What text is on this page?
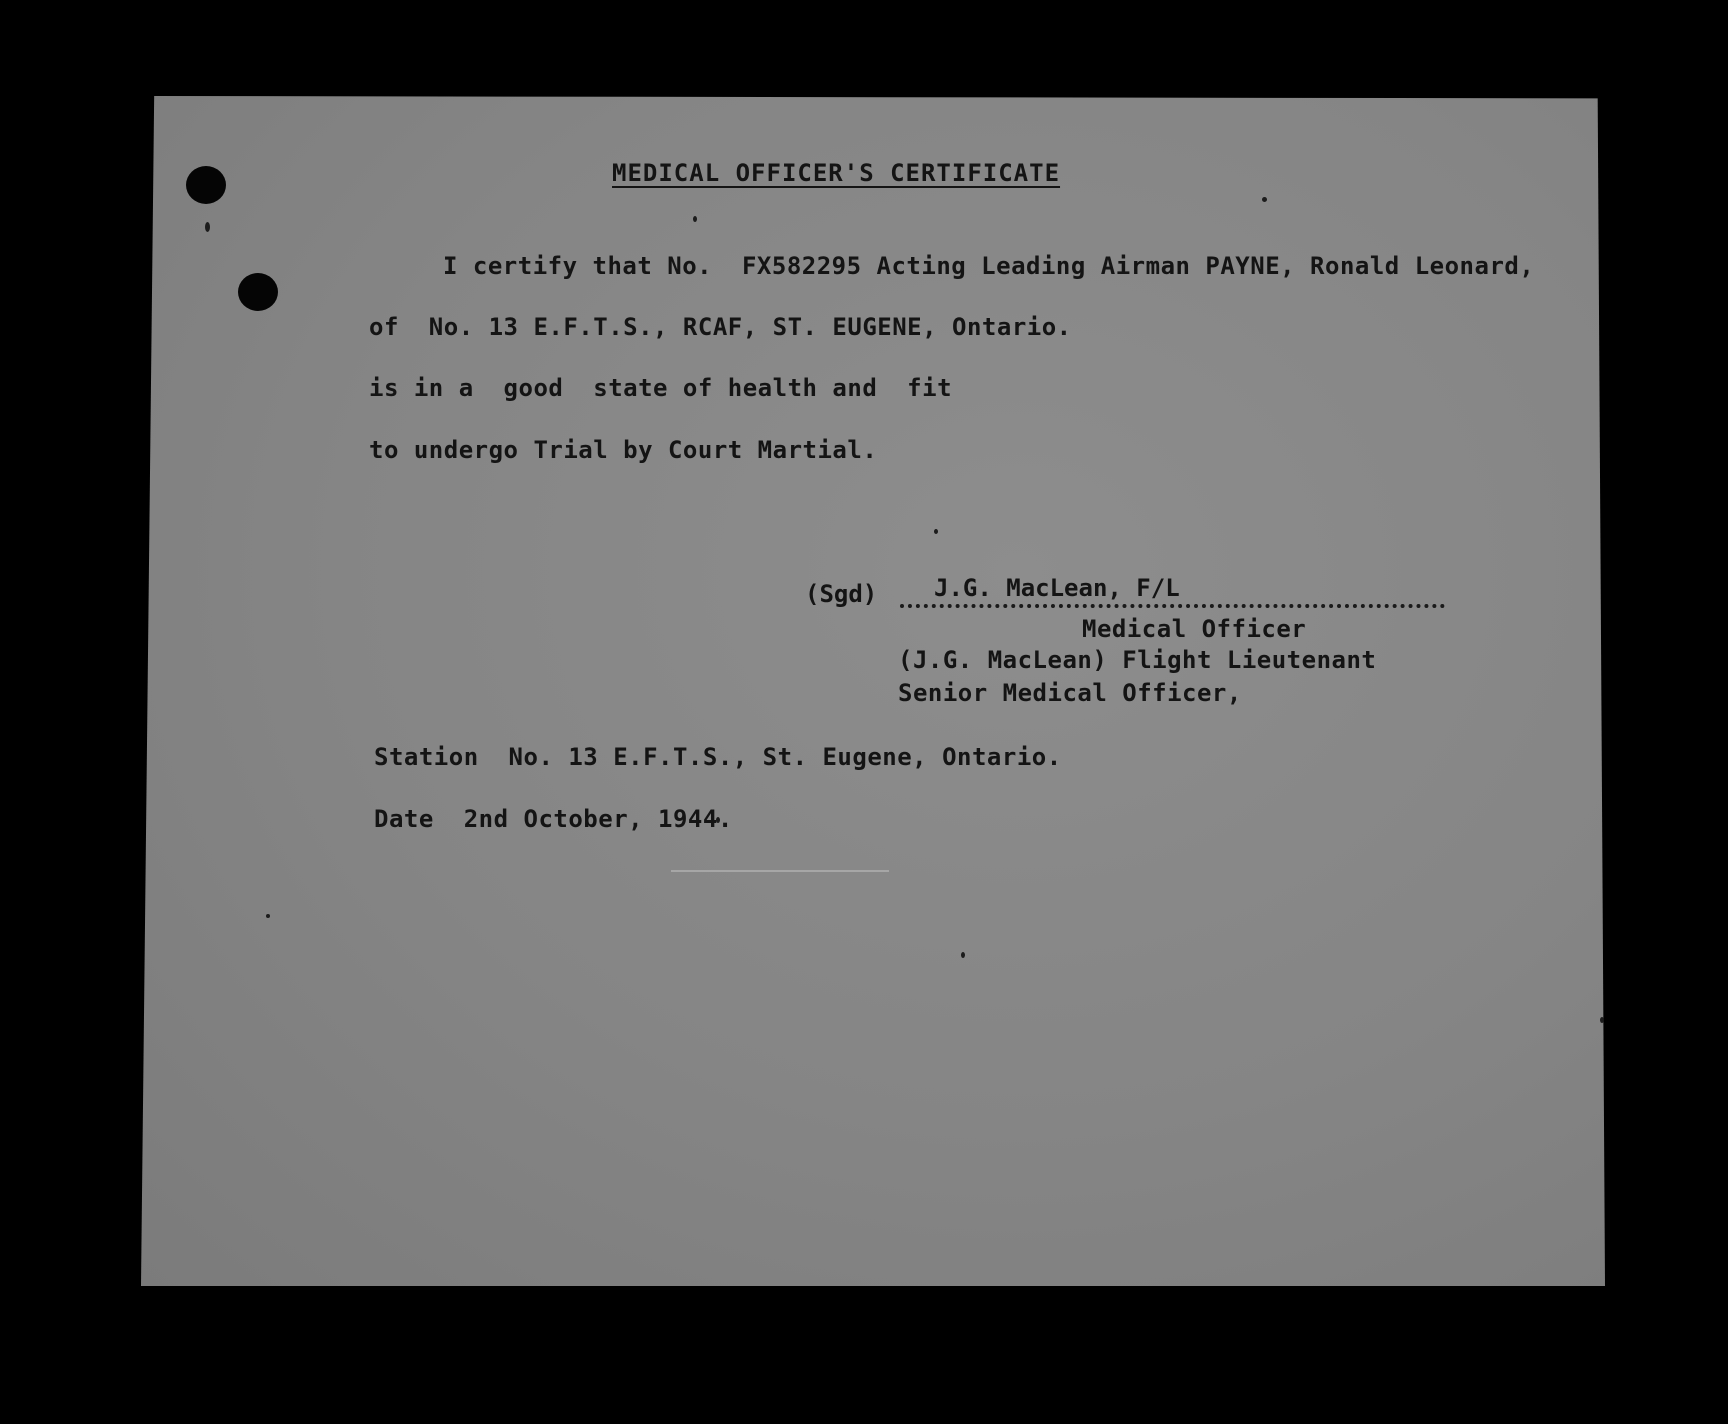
MEDICAL OFFICER'S CERTIFICATE
I certify that No.  FX582295 Acting Leading Airman PAYNE, Ronald Leonard,
of  No. 13 E.F.T.S., RCAF, ST. EUGENE, Ontario.
is in a  good  state of health and  fit
to undergo Trial by Court Martial.
(Sgd)	J.G. MacLean, F/L
Medical Officer
(J.G. MacLean) Flight Lieutenant
Senior Medical Officer,
Station  No. 13 E.F.T.S., St. Eugene, Ontario.
Date  2nd October, 1944.
